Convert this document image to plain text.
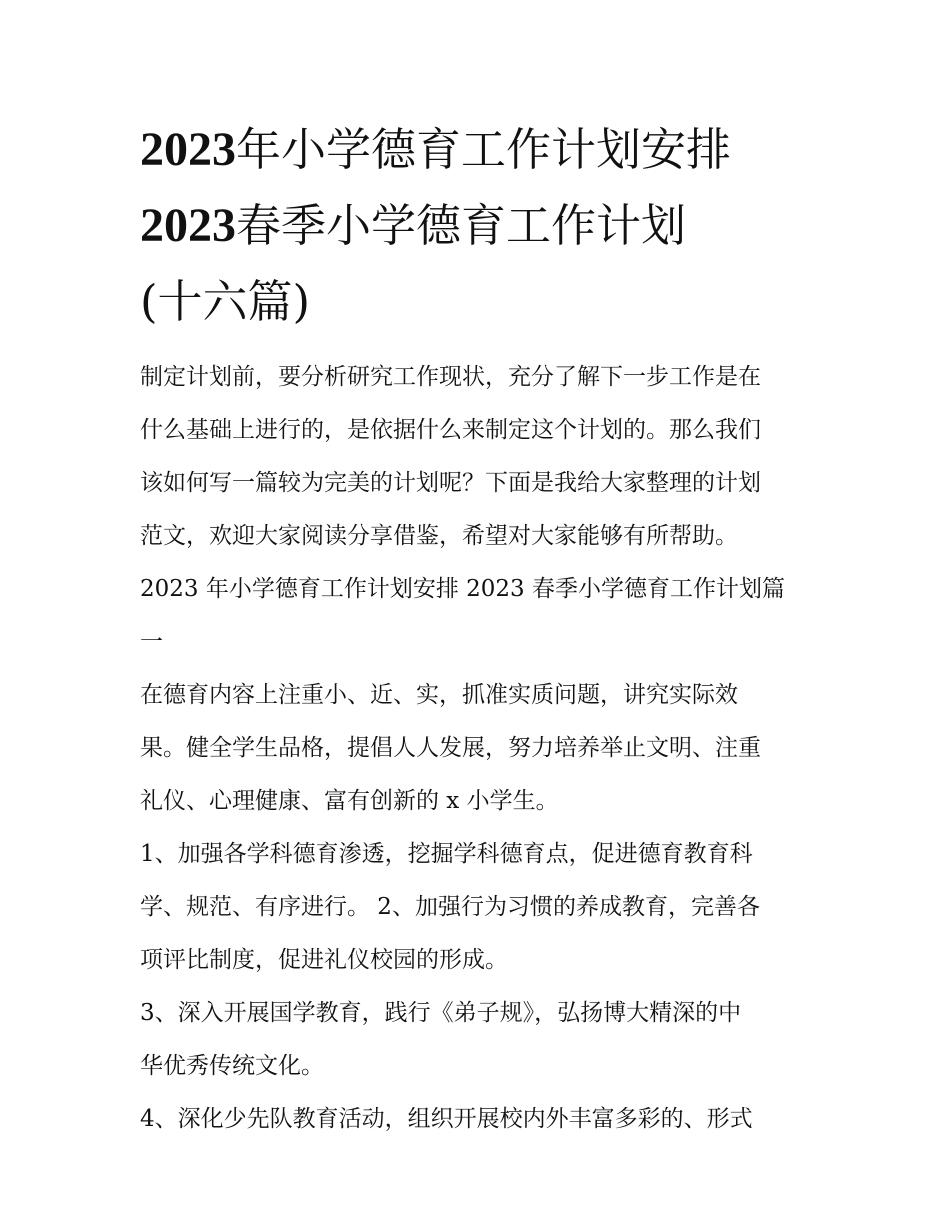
2023年小学德育工作计划安排
2023春季小学德育工作计划
(十六篇)

制定计划前，要分析研究工作现状，充分了解下一步工作是在
什么基础上进行的，是依据什么来制定这个计划的。那么我们
该如何写一篇较为完美的计划呢？下面是我给大家整理的计划
范文，欢迎大家阅读分享借鉴，希望对大家能够有所帮助。

2023 年小学德育工作计划安排 2023 春季小学德育工作计划篇
一

在德育内容上注重小、近、实，抓准实质问题，讲究实际效
果。健全学生品格，提倡人人发展，努力培养举止文明、注重
礼仪、心理健康、富有创新的 x 小学生。

1、加强各学科德育渗透，挖掘学科德育点，促进德育教育科
学、规范、有序进行。 2、加强行为习惯的养成教育，完善各
项评比制度，促进礼仪校园的形成。

3、深入开展国学教育，践行《弟子规》，弘扬博大精深的中
华优秀传统文化。

4、深化少先队教育活动，组织开展校内外丰富多彩的、形式
